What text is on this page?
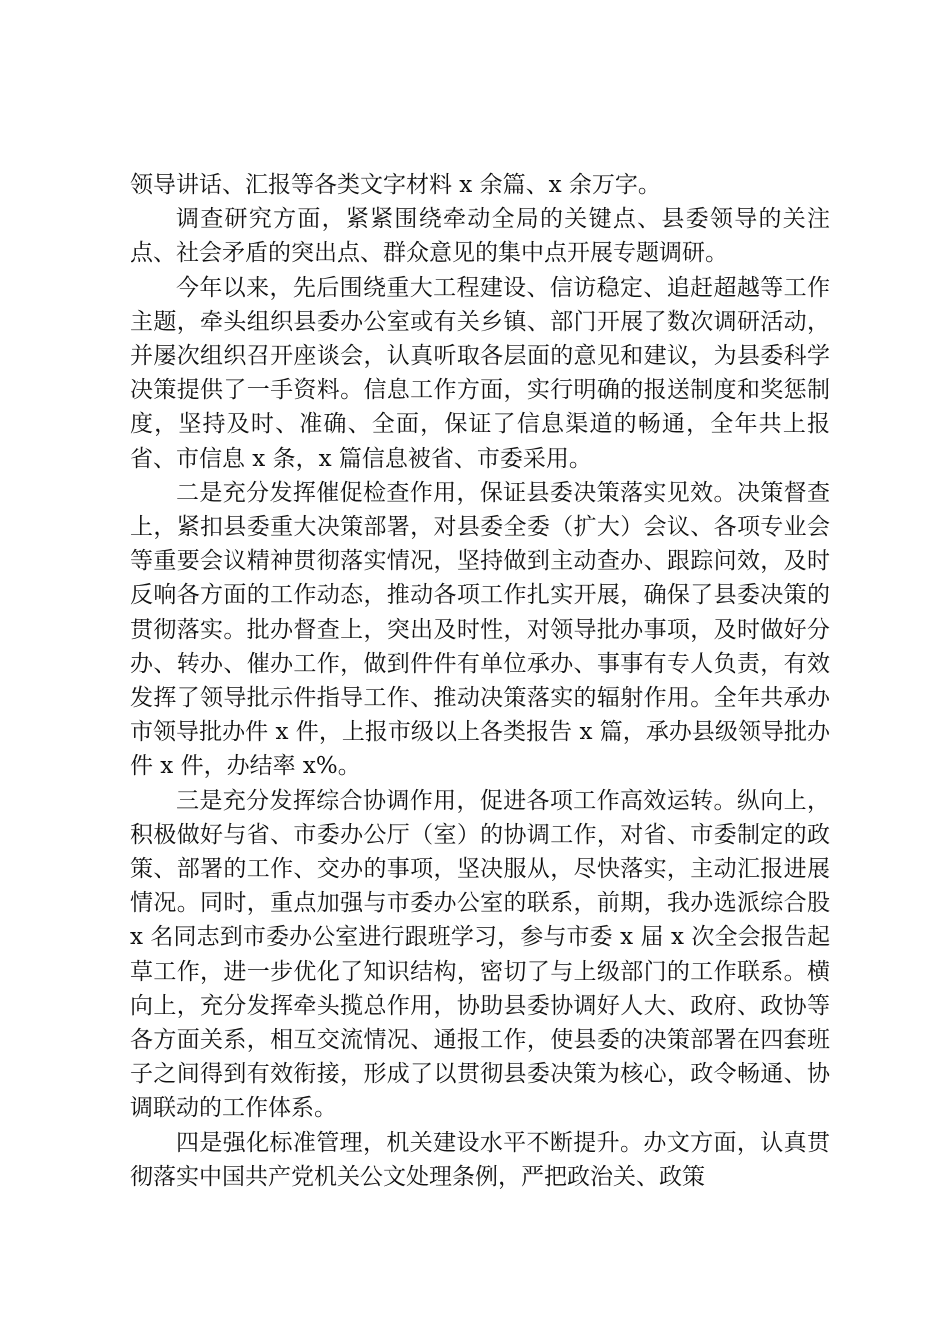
领导讲话、汇报等各类文字材料 x 余篇、x 余万字。

调查研究方面，紧紧围绕牵动全局的关键点、县委领导的关注点、社会矛盾的突出点、群众意见的集中点开展专题调研。

今年以来，先后围绕重大工程建设、信访稳定、追赶超越等工作主题，牵头组织县委办公室或有关乡镇、部门开展了数次调研活动，并屡次组织召开座谈会，认真听取各层面的意见和建议，为县委科学决策提供了一手资料。信息工作方面，实行明确的报送制度和奖惩制度，坚持及时、准确、全面，保证了信息渠道的畅通，全年共上报省、市信息 x 条，x 篇信息被省、市委采用。

二是充分发挥催促检查作用，保证县委决策落实见效。决策督查上，紧扣县委重大决策部署，对县委全委（扩大）会议、各项专业会等重要会议精神贯彻落实情况，坚持做到主动查办、跟踪问效，及时反响各方面的工作动态，推动各项工作扎实开展，确保了县委决策的贯彻落实。批办督查上，突出及时性，对领导批办事项，及时做好分办、转办、催办工作，做到件件有单位承办、事事有专人负责，有效发挥了领导批示件指导工作、推动决策落实的辐射作用。全年共承办市领导批办件 x 件，上报市级以上各类报告 x 篇，承办县级领导批办件 x 件，办结率 x%。

三是充分发挥综合协调作用，促进各项工作高效运转。纵向上，积极做好与省、市委办公厅（室）的协调工作，对省、市委制定的政策、部署的工作、交办的事项，坚决服从，尽快落实，主动汇报进展情况。同时，重点加强与市委办公室的联系，前期，我办选派综合股 x 名同志到市委办公室进行跟班学习，参与市委 x 届 x 次全会报告起草工作，进一步优化了知识结构，密切了与上级部门的工作联系。横向上，充分发挥牵头揽总作用，协助县委协调好人大、政府、政协等各方面关系，相互交流情况、通报工作，使县委的决策部署在四套班子之间得到有效衔接，形成了以贯彻县委决策为核心，政令畅通、协调联动的工作体系。

四是强化标准管理，机关建设水平不断提升。办文方面，认真贯彻落实中国共产党机关公文处理条例，严把政治关、政策
